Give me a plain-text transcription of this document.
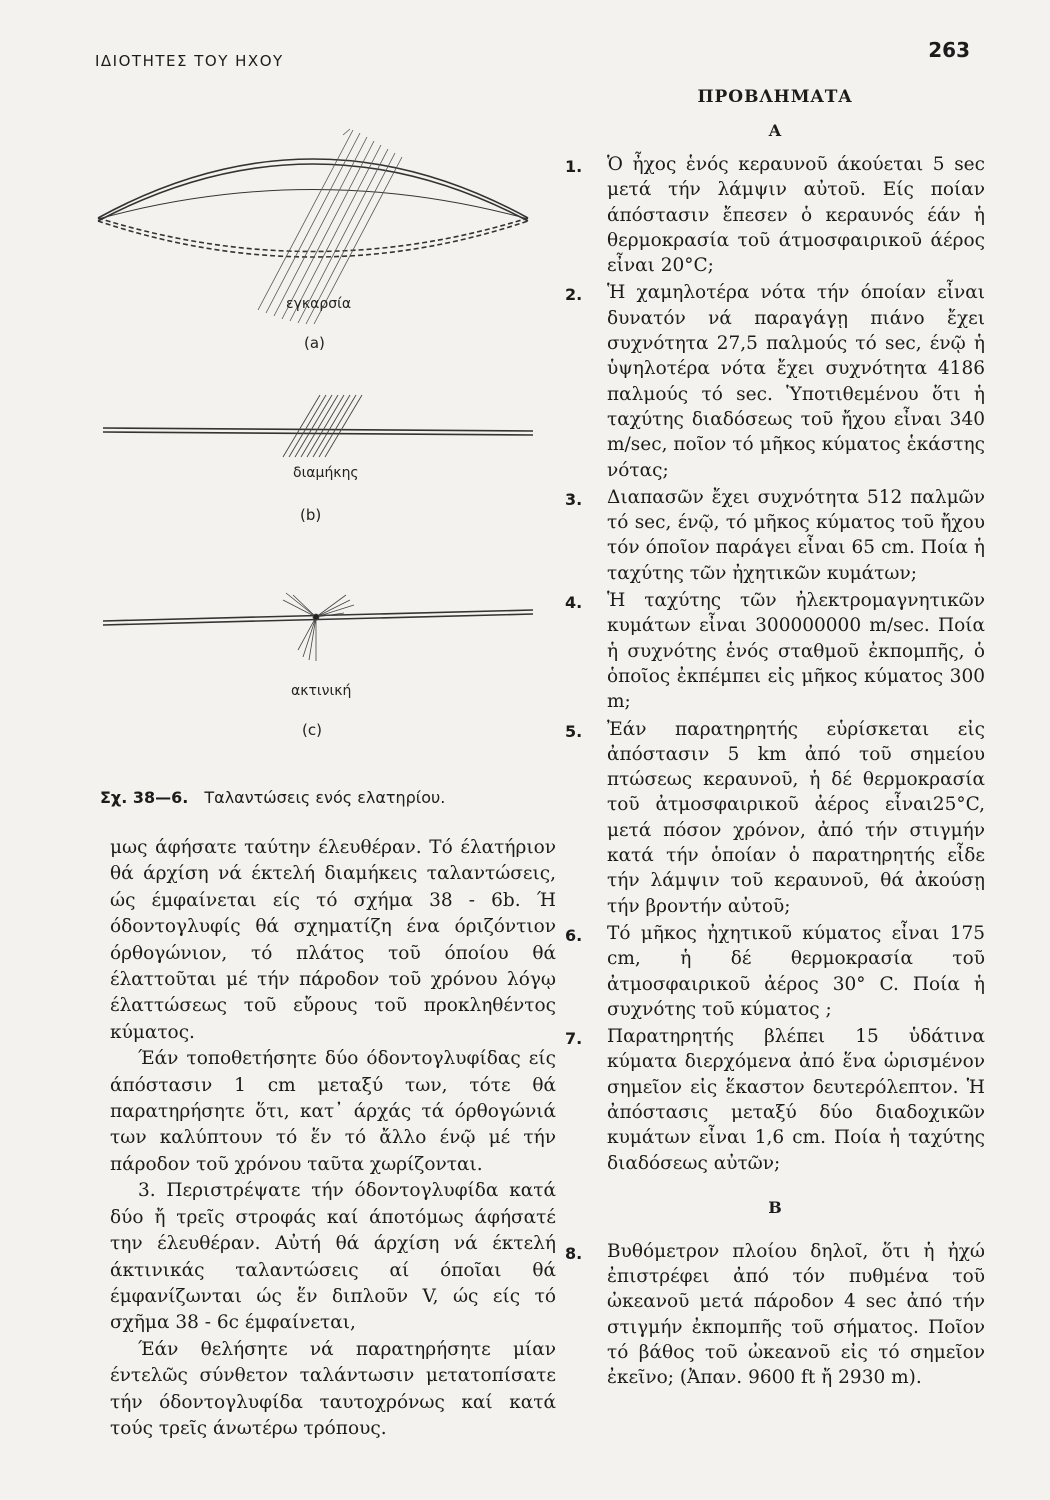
ΙΔΙΟΤΗΤΕΣ ΤΟΥ ΗΧΟΥ	263
εγκαρσία
(a)
διαμήκης
(b)
ακτινική
(c)
Σχ. 38—6. Ταλαντώσεις ενός ελατηρίου.

μως άφήσατε ταύτην έλευθέραν. Τό έλατήριον θά άρχίση νά έκτελή διαμήκεις ταλαντώσεις, ώς έμφαίνεται είς τό σχήμα 38 - 6b. Ή όδοντογλυφίς θά σχηματίζη ένα όριζόντιον όρθογώνιον, τό πλάτος τοῦ όποίου θά έλαττοῦται μέ τήν πάροδον τοῦ χρόνου λόγῳ έλαττώσεως τοῦ εὔρους τοῦ προκληθέντος κύματος.

Έάν τοποθετήσητε δύο όδοντογλυφίδας είς άπόστασιν 1 cm μεταξύ των, τότε θά παρατηρήσητε ὅτι, κατ᾽ άρχάς τά όρθογώνιά των καλύπτουν τό ἕν τό ἄλλο ένῷ μέ τήν πάροδον τοῦ χρόνου ταῦτα χωρίζονται.

3. Περιστρέψατε τήν όδοντογλυφίδα κατά δύο ἤ τρεῖς στροφάς καί άποτόμως άφήσατέ την έλευθέραν. Αὐτή θά άρχίση νά έκτελή άκτινικάς ταλαντώσεις αί όποῖαι θά έμφανίζωνται ώς ἕν διπλοῦν V, ώς είς τό σχῆμα 38 - 6c έμφαίνεται,

Έάν θελήσητε νά παρατηρήσητε μίαν έντελῶς σύνθετον ταλάντωσιν μετατοπίσατε τήν όδοντογλυφίδα ταυτοχρόνως καί κατά τούς τρεῖς άνωτέρω τρόπους.

ΠΡΟΒΛΗΜΑΤΑ
Α
1.	Ὁ ἦχος ἑνός κεραυνοῦ άκούεται 5 sec μετά τήν λάμψιν αὐτοῦ. Είς ποίαν άπόστασιν ἔπεσεν ὁ κεραυνός έάν ἡ θερμοκρασία τοῦ άτμοσφαιρικοῦ άέρος εἶναι 20°C;
2.	Ἡ χαμηλοτέρα νότα τήν όποίαν εἶναι δυνατόν νά παραγάγῃ πιάνο ἔχει συχνότητα 27,5 παλμούς τό sec, ένῷ ἡ ὑψηλοτέρα νότα ἔχει συχνότητα 4186 παλμούς τό sec. Ὑποτιθεμένου ὅτι ἡ ταχύτης διαδόσεως τοῦ ἤχου εἶναι 340 m/sec, ποῖον τό μῆκος κύματος ἑκάστης νότας;
3.	Διαπασῶν ἔχει συχνότητα 512 παλμῶν τό sec, ένῷ, τό μῆκος κύματος τοῦ ἤχου τόν όποῖον παράγει εἶναι 65 cm. Ποία ἡ ταχύτης τῶν ἠχητικῶν κυμάτων;
4.	Ἡ ταχύτης τῶν ἠλεκτρομαγνητικῶν κυμάτων εἶναι 300000000 m/sec. Ποία ἡ συχνότης ἑνός σταθμοῦ ἐκπομπῆς, ὁ ὁποῖος ἐκπέμπει εἰς μῆκος κύματος 300 m;
5.	Ἐάν παρατηρητής εὑρίσκεται εἰς ἀπόστασιν 5 km ἀπό τοῦ σημείου πτώσεως κεραυνοῦ, ἡ δέ θερμοκρασία τοῦ ἀτμοσφαιρικοῦ ἀέρος εἶναι25°C, μετά πόσον χρόνον, ἀπό τήν στιγμήν κατά τήν ὁποίαν ὁ παρατηρητής εἶδε τήν λάμψιν τοῦ κεραυνοῦ, θά ἀκούσῃ τήν βροντήν αὐτοῦ;
6.	Τό μῆκος ἠχητικοῦ κύματος εἶναι 175 cm, ἡ δέ θερμοκρασία τοῦ ἀτμοσφαιρικοῦ ἀέρος 30° C. Ποία ἡ συχνότης τοῦ κύματος ;
7.	Παρατηρητής βλέπει 15 ὑδάτινα κύματα διερχόμενα ἀπό ἕνα ὡρισμένον σημεῖον εἰς ἕκαστον δευτερόλεπτον. Ἡ ἀπόστασις μεταξύ δύο διαδοχικῶν κυμάτων εἶναι 1,6 cm. Ποία ἡ ταχύτης διαδόσεως αὐτῶν;
Β
8.	Βυθόμετρον πλοίου δηλοῖ, ὅτι ἡ ἠχώ ἐπιστρέφει ἀπό τόν πυθμένα τοῦ ὠκεανοῦ μετά πάροδον 4 sec ἀπό τήν στιγμήν ἐκπομπῆς τοῦ σήματος. Ποῖον τό βάθος τοῦ ὠκεανοῦ εἰς τό σημεῖον ἐκεῖνο; (Ἀπαν. 9600 ft ἤ 2930 m).
